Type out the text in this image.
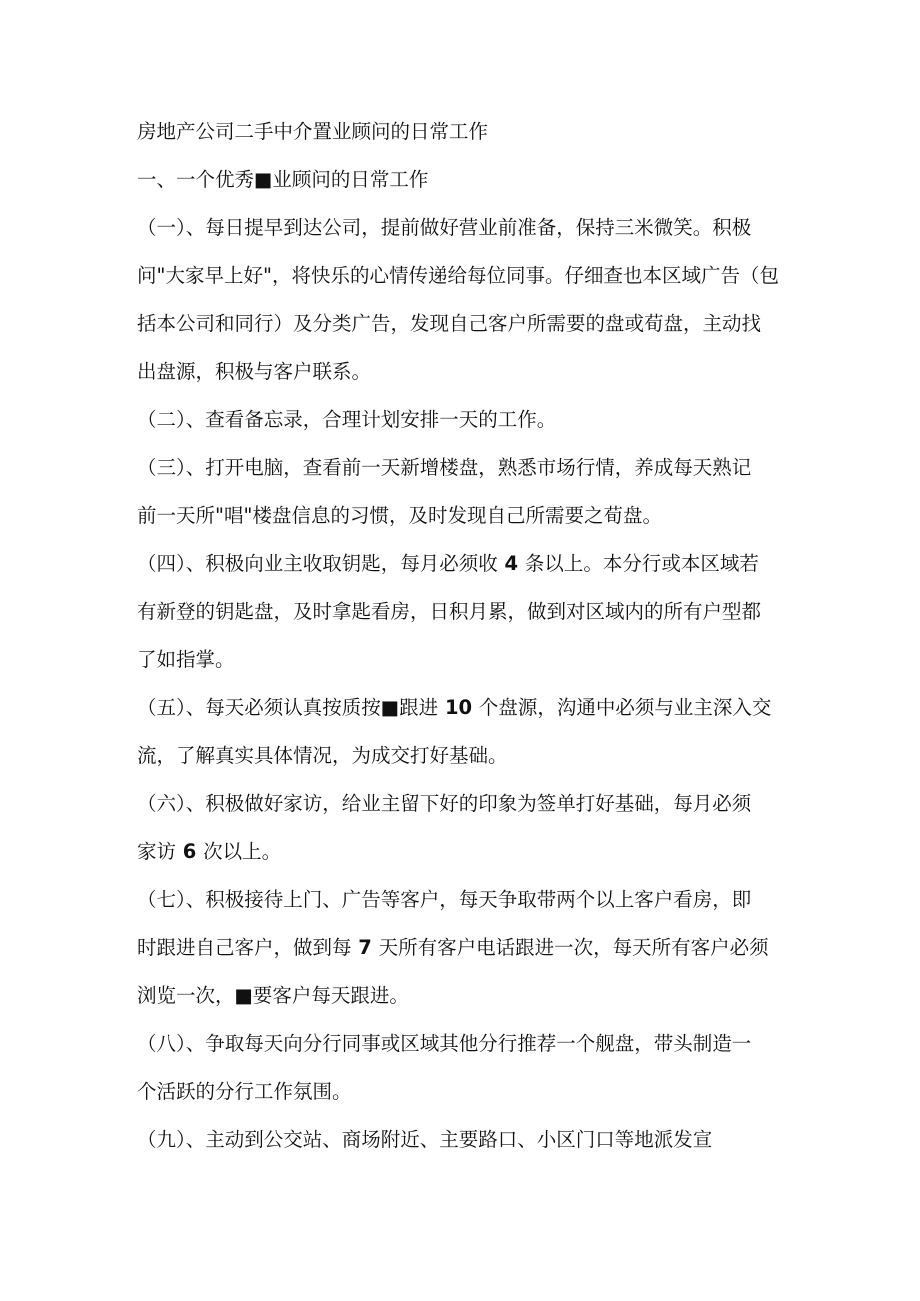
房地产公司二手中介置业顾问的日常工作
一、一个优秀■业顾问的日常工作
（一）、每日提早到达公司，提前做好营业前准备，保持三米微笑。积极
问"大家早上好"，将快乐的心情传递给每位同事。仔细查也本区域广告（包
括本公司和同行）及分类广告，发现自己客户所需要的盘或荀盘，主动找
出盘源，积极与客户联系。
（二）、查看备忘录，合理计划安排一天的工作。
（三）、打开电脑，查看前一天新增楼盘，熟悉市场行情，养成每天熟记
前一天所"唱"楼盘信息的习惯，及时发现自己所需要之荀盘。
（四）、积极向业主收取钥匙，每月必须收 4 条以上。本分行或本区域若
有新登的钥匙盘，及时拿匙看房，日积月累，做到对区域内的所有户型都
了如指掌。
（五）、每天必须认真按质按■跟进 10 个盘源，沟通中必须与业主深入交
流，了解真实具体情况，为成交打好基础。
（六）、积极做好家访，给业主留下好的印象为签单打好基础，每月必须
家访 6 次以上。
（七）、积极接待上门、广告等客户，每天争取带两个以上客户看房，即
时跟进自己客户，做到每 7 天所有客户电话跟进一次，每天所有客户必须
浏览一次，■要客户每天跟进。
（八）、争取每天向分行同事或区域其他分行推荐一个舰盘，带头制造一
个活跃的分行工作氛围。
（九）、主动到公交站、商场附近、主要路口、小区门口等地派发宣
